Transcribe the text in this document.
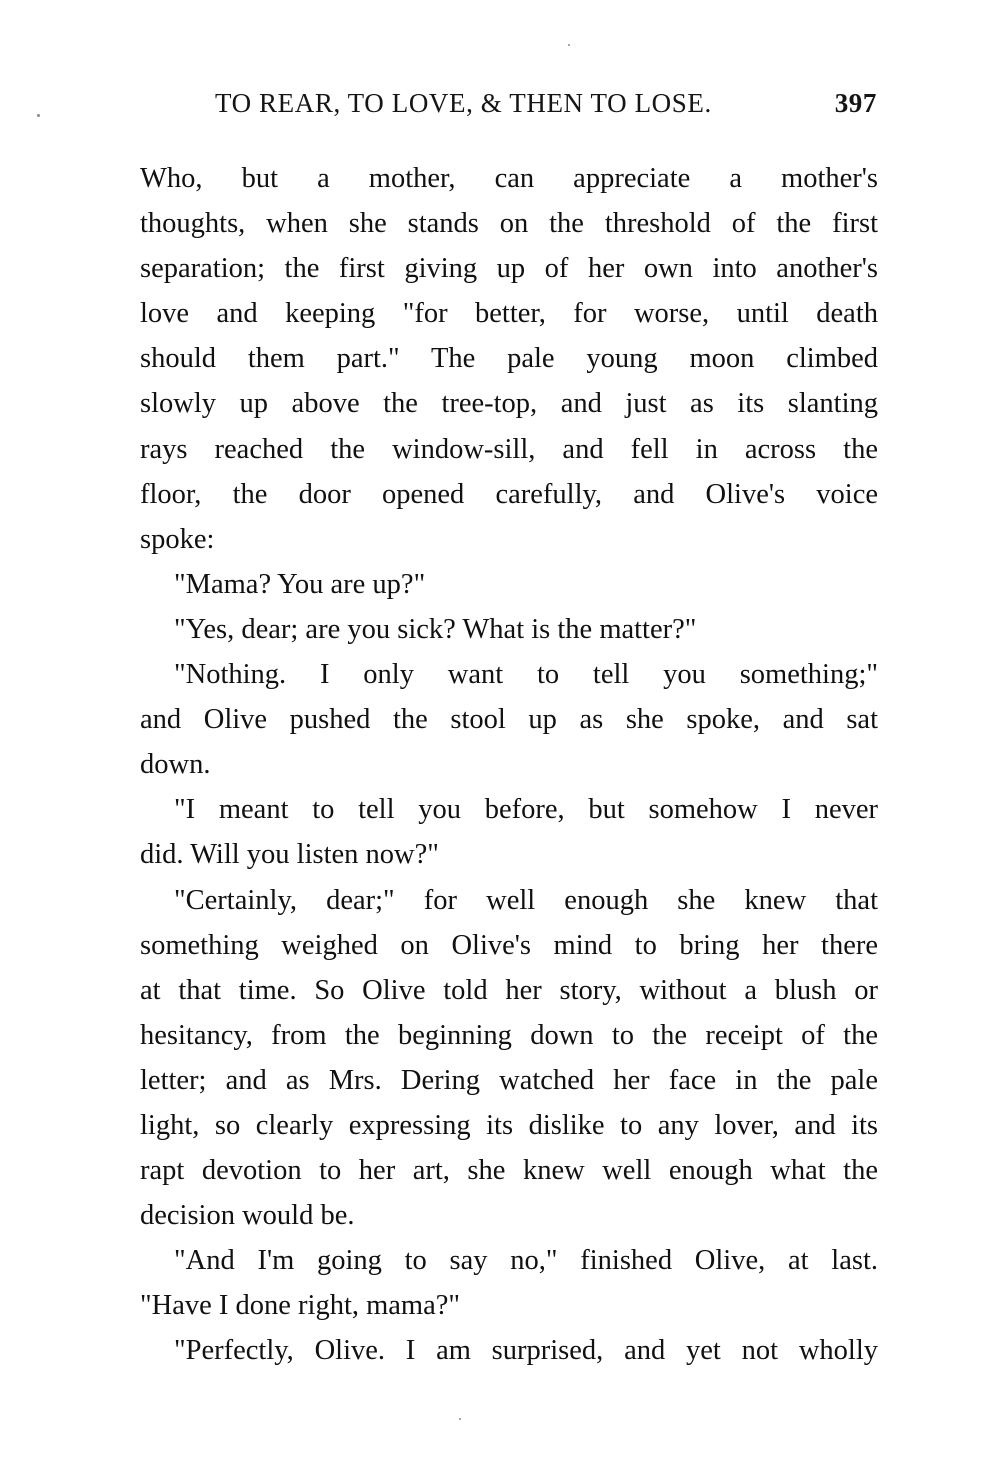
TO REAR, TO LOVE, & THEN TO LOSE.	397
Who, but a mother, can appreciate a mother's
thoughts, when she stands on the threshold of the first
separation; the first giving up of her own into another's
love and keeping "for better, for worse, until death
should them part." The pale young moon climbed
slowly up above the tree-top, and just as its slanting
rays reached the window-sill, and fell in across the
floor, the door opened carefully, and Olive's voice
spoke:
"Mama? You are up?"
"Yes, dear; are you sick? What is the matter?"
"Nothing. I only want to tell you something;"
and Olive pushed the stool up as she spoke, and sat
down.
"I meant to tell you before, but somehow I never
did. Will you listen now?"
"Certainly, dear;" for well enough she knew that
something weighed on Olive's mind to bring her there
at that time. So Olive told her story, without a blush or
hesitancy, from the beginning down to the receipt of the
letter; and as Mrs. Dering watched her face in the pale
light, so clearly expressing its dislike to any lover, and its
rapt devotion to her art, she knew well enough what the
decision would be.
"And I'm going to say no," finished Olive, at last.
"Have I done right, mama?"
"Perfectly, Olive. I am surprised, and yet not wholly
